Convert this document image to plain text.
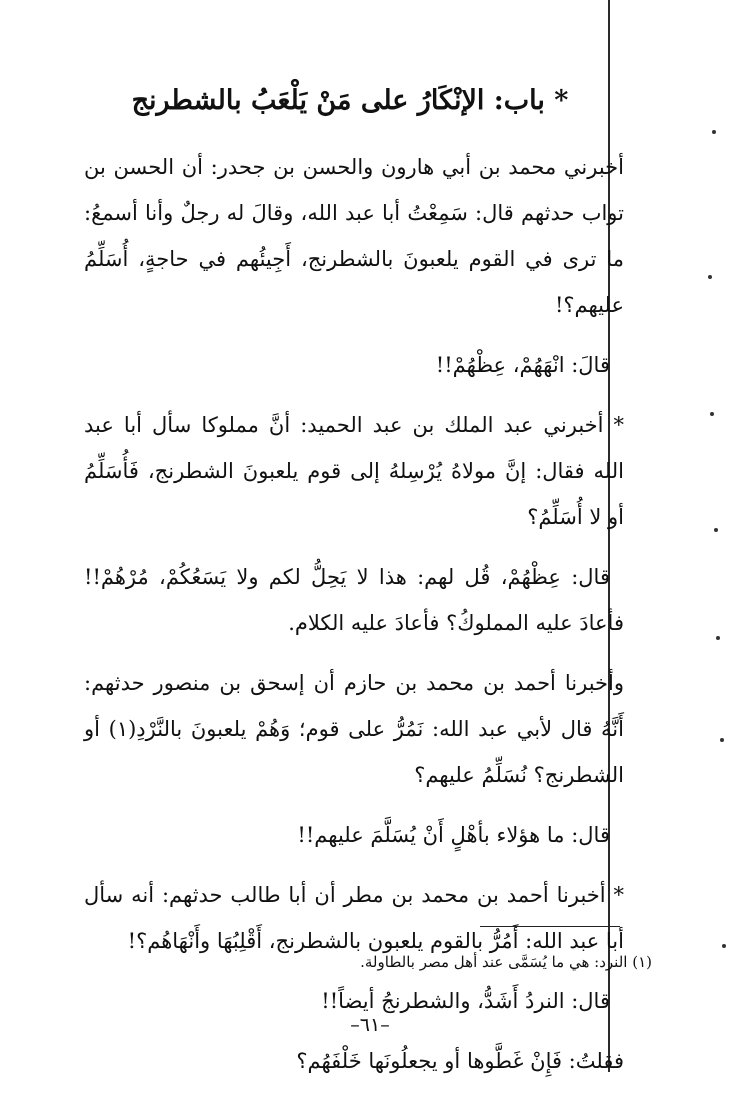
* باب: الإنْكَارُ على مَنْ يَلْعَبُ بالشطرنج

أخبرني محمد بن أبي هارون والحسن بن جحدر: أن الحسن بن تواب حدثهم قال: سَمِعْتُ أبا عبد الله، وقالَ له رجلٌ وأنا أسمعُ: ما ترى في القوم يلعبونَ بالشطرنج، أَجِيئُهم في حاجةٍ، أُسَلِّمُ عليهم؟!

قالَ: انْهَهُمْ، عِظْهُمْ!!

* أخبرني عبد الملك بن عبد الحميد: أنَّ مملوكا سأل أبا عبد الله فقال: إنَّ مولاهُ يُرْسِلهُ إلى قوم يلعبونَ الشطرنج، فَأُسَلِّمُ أو لا أُسَلِّمُ؟

قال: عِظْهُمْ، قُل لهم: هذا لا يَحِلُّ لكم ولا يَسَعُكُمْ، مُرْهُمْ!! فأعادَ عليه المملوكُ؟ فأعادَ عليه الكلام.

وأخبرنا أحمد بن محمد بن حازم أن إسحق بن منصور حدثهم: أَنَّهُ قال لأبي عبد الله: نَمُرُّ على قوم؛ وَهُمْ يلعبونَ بالنَّرْدِ(١) أو الشطرنج؟ نُسَلِّمُ عليهم؟

قال: ما هؤلاء بأهْلٍ أَنْ يُسَلَّمَ عليهم!!

* أخبرنا أحمد بن محمد بن مطر أن أبا طالب حدثهم: أنه سأل أبا عبد الله: أَمُرُّ بالقوم يلعبون بالشطرنج، أَقْلِبُهَا وأَنْهَاهُم؟!

قال: النردُ أَشَدُّ، والشطرنجُ أيضاً!!

فقلتُ: فَإِنْ غَطَّوها أو يجعلُونَها خَلْفَهُم؟

(١) النرد: هي ما يُسَمَّى عند أهل مصر بالطاولة.
–٦١–
